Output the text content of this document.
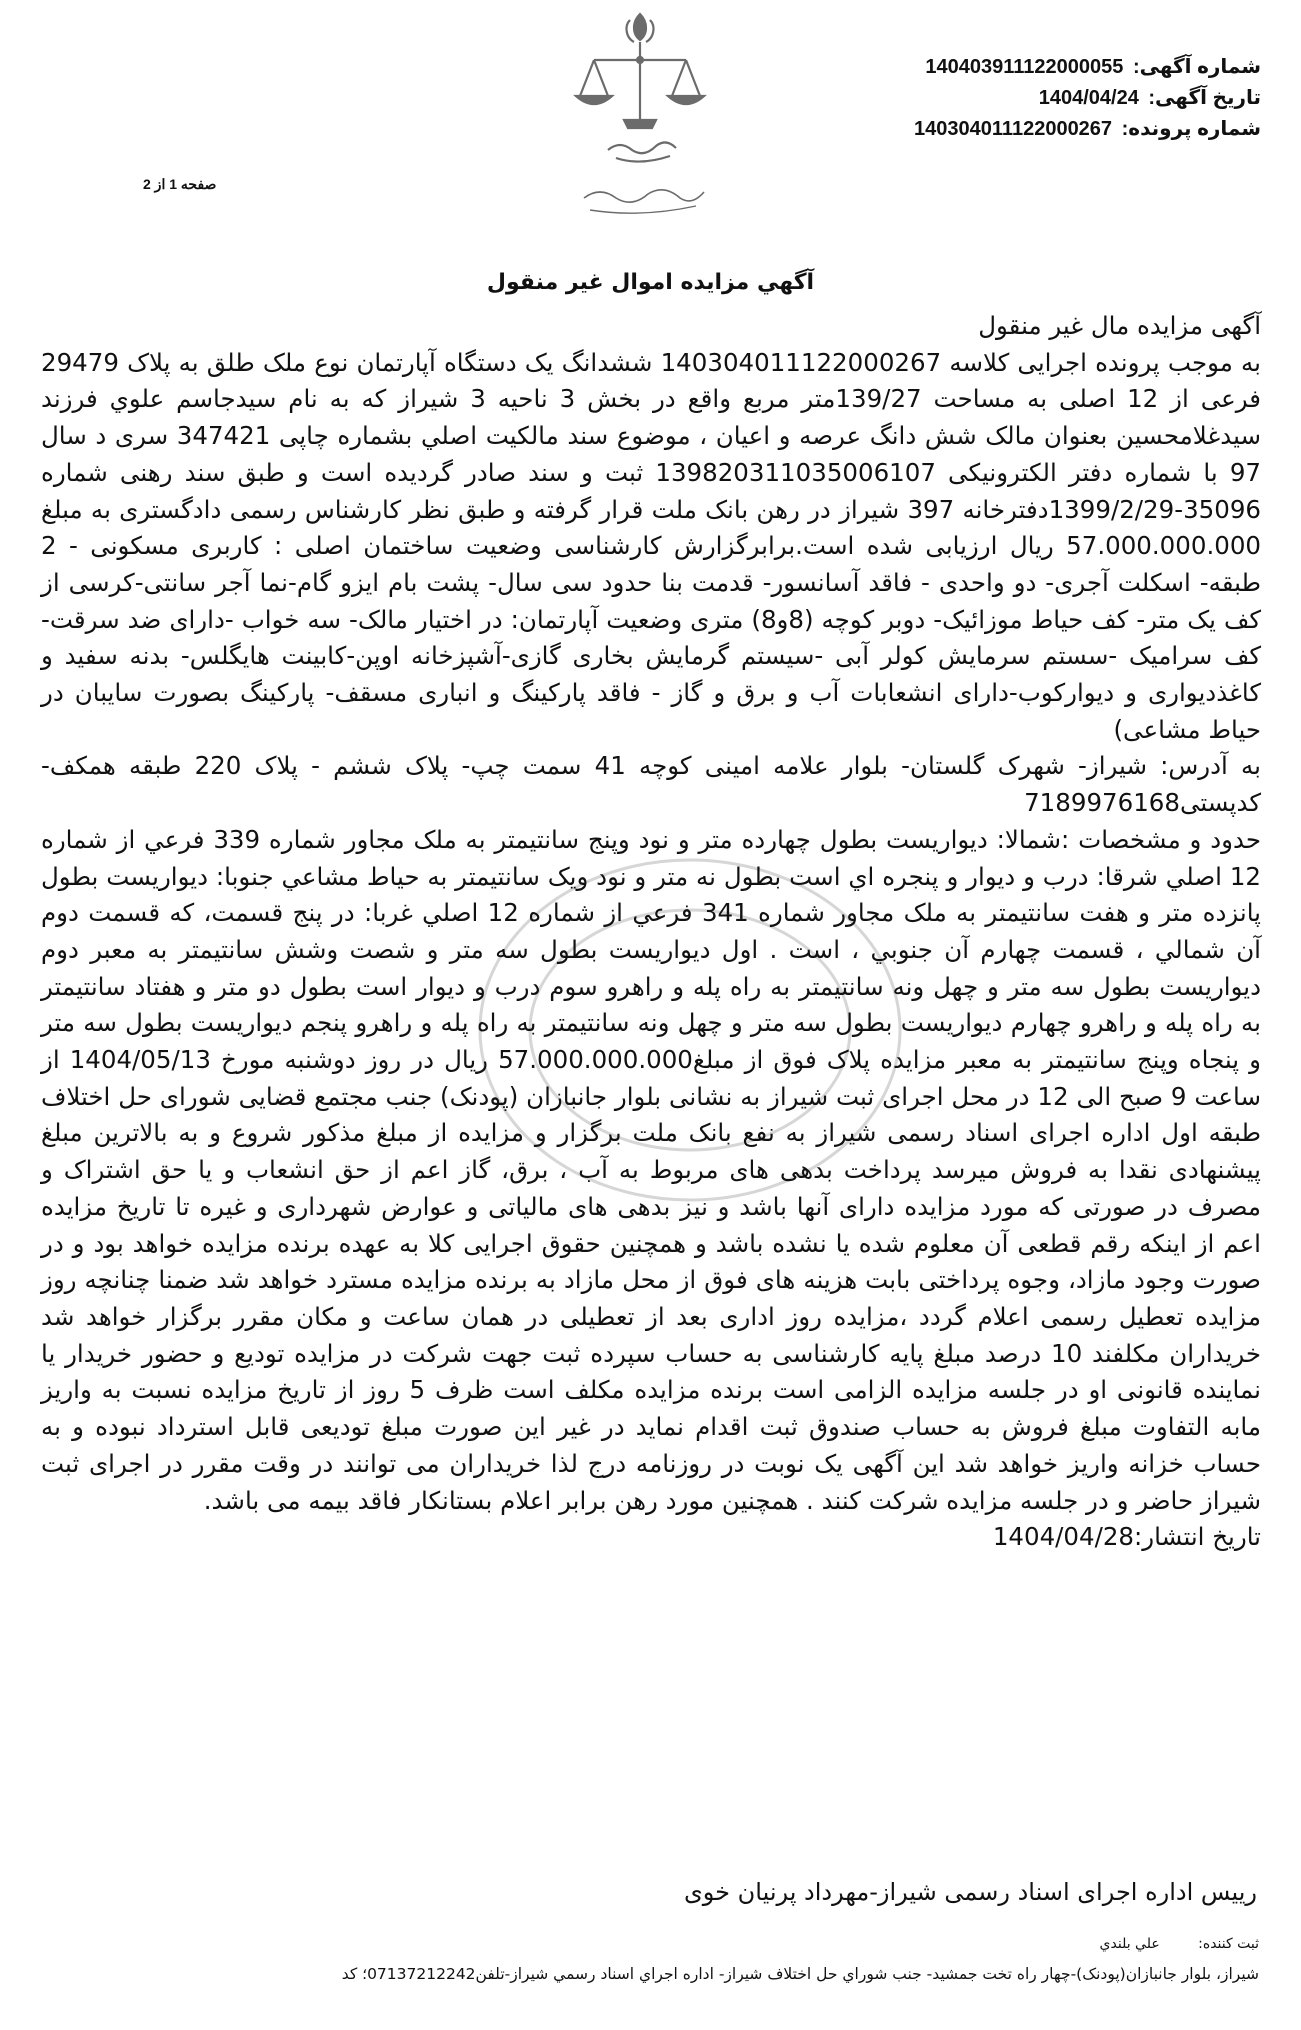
شماره آگهی: 140403911122000055
تاریخ آگهی: 1404/04/24
شماره پرونده: 140304011122000267
صفحه 1 از 2
آگهي مزايده اموال غير منقول

آگهی مزایده مال غیر منقول

به موجب پرونده اجرایی کلاسه 140304011122000267 ششدانگ یک دستگاه آپارتمان نوع ملک طلق به پلاک 29479 فرعی از 12 اصلی به مساحت 139/27متر مربع واقع در بخش 3 ناحیه 3 شیراز که به نام سیدجاسم علوي فرزند سیدغلامحسین بعنوان مالک شش دانگ عرصه و اعیان ، موضوع سند مالکیت اصلي بشماره چاپی 347421 سری د سال 97 با شماره دفتر الکترونیکی 139820311035006107 ثبت و سند صادر گردیده است و طبق سند رهنی شماره 35096-1399/2/29دفترخانه 397 شیراز در رهن بانک ملت قرار گرفته و طبق نظر کارشناس رسمی دادگستری به مبلغ 57.000.000.000 ریال ارزیابی شده است.برابرگزارش کارشناسی وضعیت ساختمان اصلی : کاربری مسکونی - 2 طبقه- اسکلت آجری- دو واحدی - فاقد آسانسور- قدمت بنا حدود سی سال- پشت بام ایزو گام-نما آجر سانتی-کرسی از کف یک متر- کف حیاط موزائیک- دوبر کوچه (8و8) متری وضعیت آپارتمان: در اختیار مالک- سه خواب -دارای ضد سرقت-کف سرامیک -سستم سرمایش کولر آبی -سیستم گرمایش بخاری گازی-آشپزخانه اوپن-کابینت هایگلس- بدنه سفید و کاغذدیواری و دیوارکوب-دارای انشعابات آب و برق و گاز - فاقد پارکینگ و انباری مسقف- پارکینگ بصورت سایبان در حیاط مشاعی)

به آدرس: شیراز- شهرک گلستان- بلوار علامه امینی کوچه 41 سمت چپ- پلاک ششم - پلاک 220 طبقه همکف- کدپستی7189976168

حدود و مشخصات :شمالا: دیواریست بطول چهارده متر و نود وپنج سانتیمتر به ملک مجاور شماره 339 فرعي از شماره 12 اصلي شرقا: درب و دیوار و پنجره اي است بطول نه متر و نود ویک سانتیمتر به حیاط مشاعي جنوبا: دیواریست بطول پانزده متر و هفت سانتیمتر به ملک مجاور شماره 341 فرعي از شماره 12 اصلي غربا: در پنج قسمت، که قسمت دوم آن شمالي ، قسمت چهارم آن جنوبي ، است . اول دیواریست بطول سه متر و شصت وشش سانتیمتر به معبر دوم دیواریست بطول سه متر و چهل ونه سانتیمتر به راه پله و راهرو سوم درب و دیوار است بطول دو متر و هفتاد سانتیمتر به راه پله و راهرو چهارم دیواریست بطول سه متر و چهل ونه سانتیمتر به راه پله و راهرو پنجم دیواریست بطول سه متر و پنجاه وپنج سانتیمتر به معبر مزایده پلاک فوق از مبلغ57.000.000.000 ریال در روز دوشنبه مورخ 1404/05/13 از ساعت 9 صبح الی 12 در محل اجرای ثبت شیراز به نشانی بلوار جانبازان (پودنک) جنب مجتمع قضایی شورای حل اختلاف طبقه اول اداره اجرای اسناد رسمی شیراز به نفع بانک ملت برگزار و مزایده از مبلغ مذکور شروع و به بالاترین مبلغ پیشنهادی نقدا به فروش میرسد پرداخت بدهی های مربوط به آب ، برق، گاز اعم از حق انشعاب و یا حق اشتراک و مصرف در صورتی که مورد مزایده دارای آنها باشد و نیز بدهی های مالیاتی و عوارض شهرداری و غیره تا تاریخ مزایده اعم از اینکه رقم قطعی آن معلوم شده یا نشده باشد و همچنین حقوق اجرایی کلا به عهده برنده مزایده خواهد بود و در صورت وجود مازاد، وجوه پرداختی بابت هزینه های فوق از محل مازاد به برنده مزایده مسترد خواهد شد ضمنا چنانچه روز مزایده تعطیل رسمی اعلام گردد ،مزایده روز اداری بعد از تعطیلی در همان ساعت و مکان مقرر برگزار خواهد شد خریداران مکلفند 10 درصد مبلغ پایه کارشناسی به حساب سپرده ثبت جهت شرکت در مزایده تودیع و حضور خریدار یا نماینده قانونی او در جلسه مزایده الزامی است برنده مزایده مکلف است ظرف 5 روز از تاریخ مزایده نسبت به واریز مابه التفاوت مبلغ فروش به حساب صندوق ثبت اقدام نماید در غیر این صورت مبلغ تودیعی قابل استرداد نبوده و به حساب خزانه واریز خواهد شد این آگهی یک نوبت در روزنامه درج لذا خریداران می توانند در وقت مقرر در اجرای ثبت شیراز حاضر و در جلسه مزایده شرکت کنند . همچنین مورد رهن برابر اعلام بستانکار فاقد بیمه می باشد.

تاریخ انتشار:1404/04/28

رییس اداره اجرای اسناد رسمی شیراز-مهرداد پرنیان خوی
ثبت کننده: علي بلندي
شیراز، بلوار جانبازان(پودنک)-چهار راه تخت جمشید- جنب شوراي حل اختلاف شیراز- اداره اجراي اسناد رسمي شیراز-تلفن07137212242؛ کد
